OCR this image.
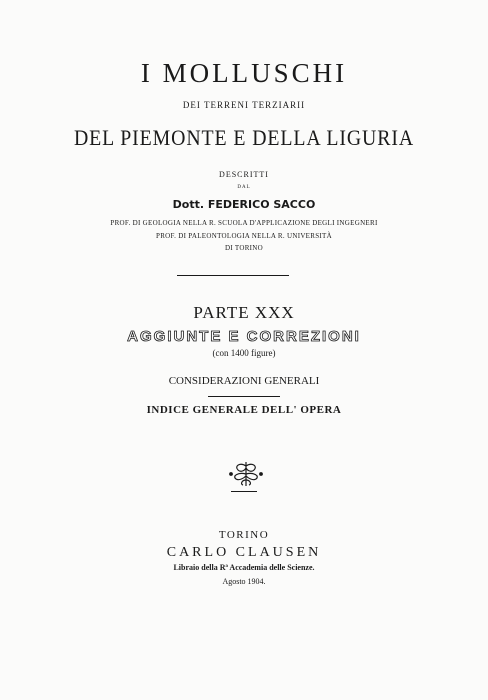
I MOLLUSCHI
DEI TERRENI TERZIARII
DEL PIEMONTE E DELLA LIGURIA
DESCRITTI
DAL
Dott. FEDERICO SACCO
PROF. DI GEOLOGIA NELLA R. SCUOLA D'APPLICAZIONE DEGLI INGEGNERI
PROF. DI PALEONTOLOGIA NELLA R. UNIVERSITÀ
DI TORINO
PARTE XXX
AGGIUNTE E CORREZIONI
(con 1400 figure)
CONSIDERAZIONI GENERALI
INDICE GENERALE DELL' OPERA
TORINO
CARLO CLAUSEN
Libraio della Rª Accademia delle Scienze.
Agosto 1904.
